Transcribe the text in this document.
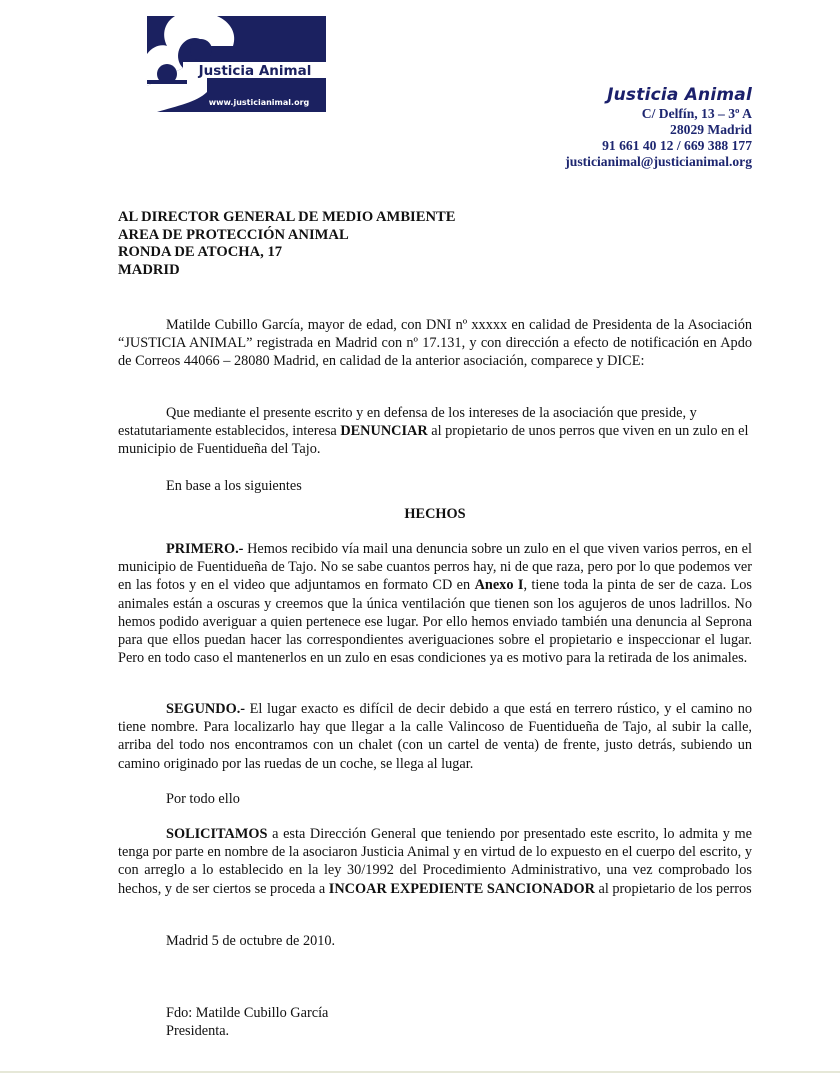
Justicia Animal
www.justicianimal.org	Justicia Animal
C/ Delfín, 13 – 3º A
28029 Madrid
91 661 40 12 / 669 388 177
justicianimal@justicianimal.org
AL DIRECTOR GENERAL DE MEDIO AMBIENTE
AREA DE PROTECCIÓN ANIMAL
RONDA DE ATOCHA, 17
MADRID
Matilde Cubillo García, mayor de edad, con DNI nº xxxxx en calidad de Presidenta de la Asociación “JUSTICIA ANIMAL” registrada en Madrid con nº 17.131, y con dirección a efecto de notificación en Apdo de Correos 44066 – 28080 Madrid, en calidad de la anterior asociación, comparece y DICE:
Que mediante el presente escrito y en defensa de los intereses de la asociación que preside, y estatutariamente establecidos, interesa DENUNCIAR al propietario de unos perros que viven en un zulo en el municipio de Fuentidueña del Tajo.
En base a los siguientes
HECHOS
PRIMERO.- Hemos recibido vía mail una denuncia sobre un zulo en el que viven varios perros, en el municipio de Fuentidueña de Tajo. No se sabe cuantos perros hay, ni de que raza, pero por lo que podemos ver en las fotos y en el video que adjuntamos en formato CD en Anexo I, tiene toda la pinta de ser de caza. Los animales están a oscuras y creemos que la única ventilación que tienen son los agujeros de unos ladrillos. No hemos podido averiguar a quien pertenece ese lugar. Por ello hemos enviado también una denuncia al Seprona para que ellos puedan hacer las correspondientes averiguaciones sobre el propietario e inspeccionar el lugar. Pero en todo caso el mantenerlos en un zulo en esas condiciones ya es motivo para la retirada de los animales.
SEGUNDO.- El lugar exacto es difícil de decir debido a que está en terrero rústico, y el camino no tiene nombre. Para localizarlo hay que llegar a la calle Valincoso de Fuentidueña de Tajo, al subir la calle, arriba del todo nos encontramos con un chalet (con un cartel de venta) de frente, justo detrás, subiendo un camino originado por las ruedas de un coche, se llega al lugar.
Por todo ello
SOLICITAMOS a esta Dirección General que teniendo por presentado este escrito, lo admita y me tenga por parte en nombre de la asociaron Justicia Animal y en virtud de lo expuesto en el cuerpo del escrito, y con arreglo a lo establecido en la ley 30/1992 del Procedimiento Administrativo, una vez comprobado los hechos, y de ser ciertos se proceda a INCOAR EXPEDIENTE SANCIONADOR al propietario de los perros
Madrid 5 de octubre de 2010.
Fdo: Matilde Cubillo García
Presidenta.
